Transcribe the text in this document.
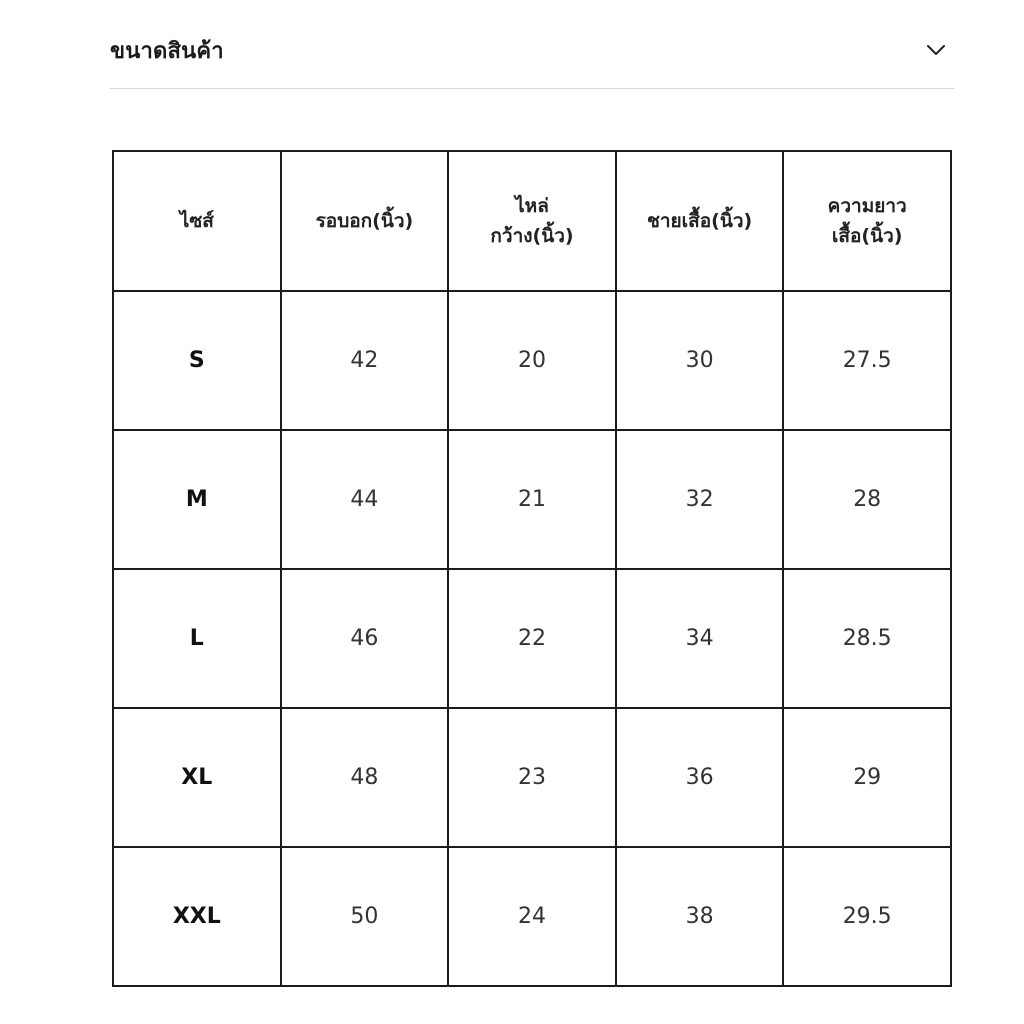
ขนาดสินค้า
ไซส์	รอบอก(นิ้ว)	ไหล่กว้าง(นิ้ว)	ชายเสื้อ(นิ้ว)	ความยาว เสื้อ(นิ้ว)
S	42	20	30	27.5
M	44	21	32	28
L	46	22	34	28.5
XL	48	23	36	29
XXL	50	24	38	29.5
